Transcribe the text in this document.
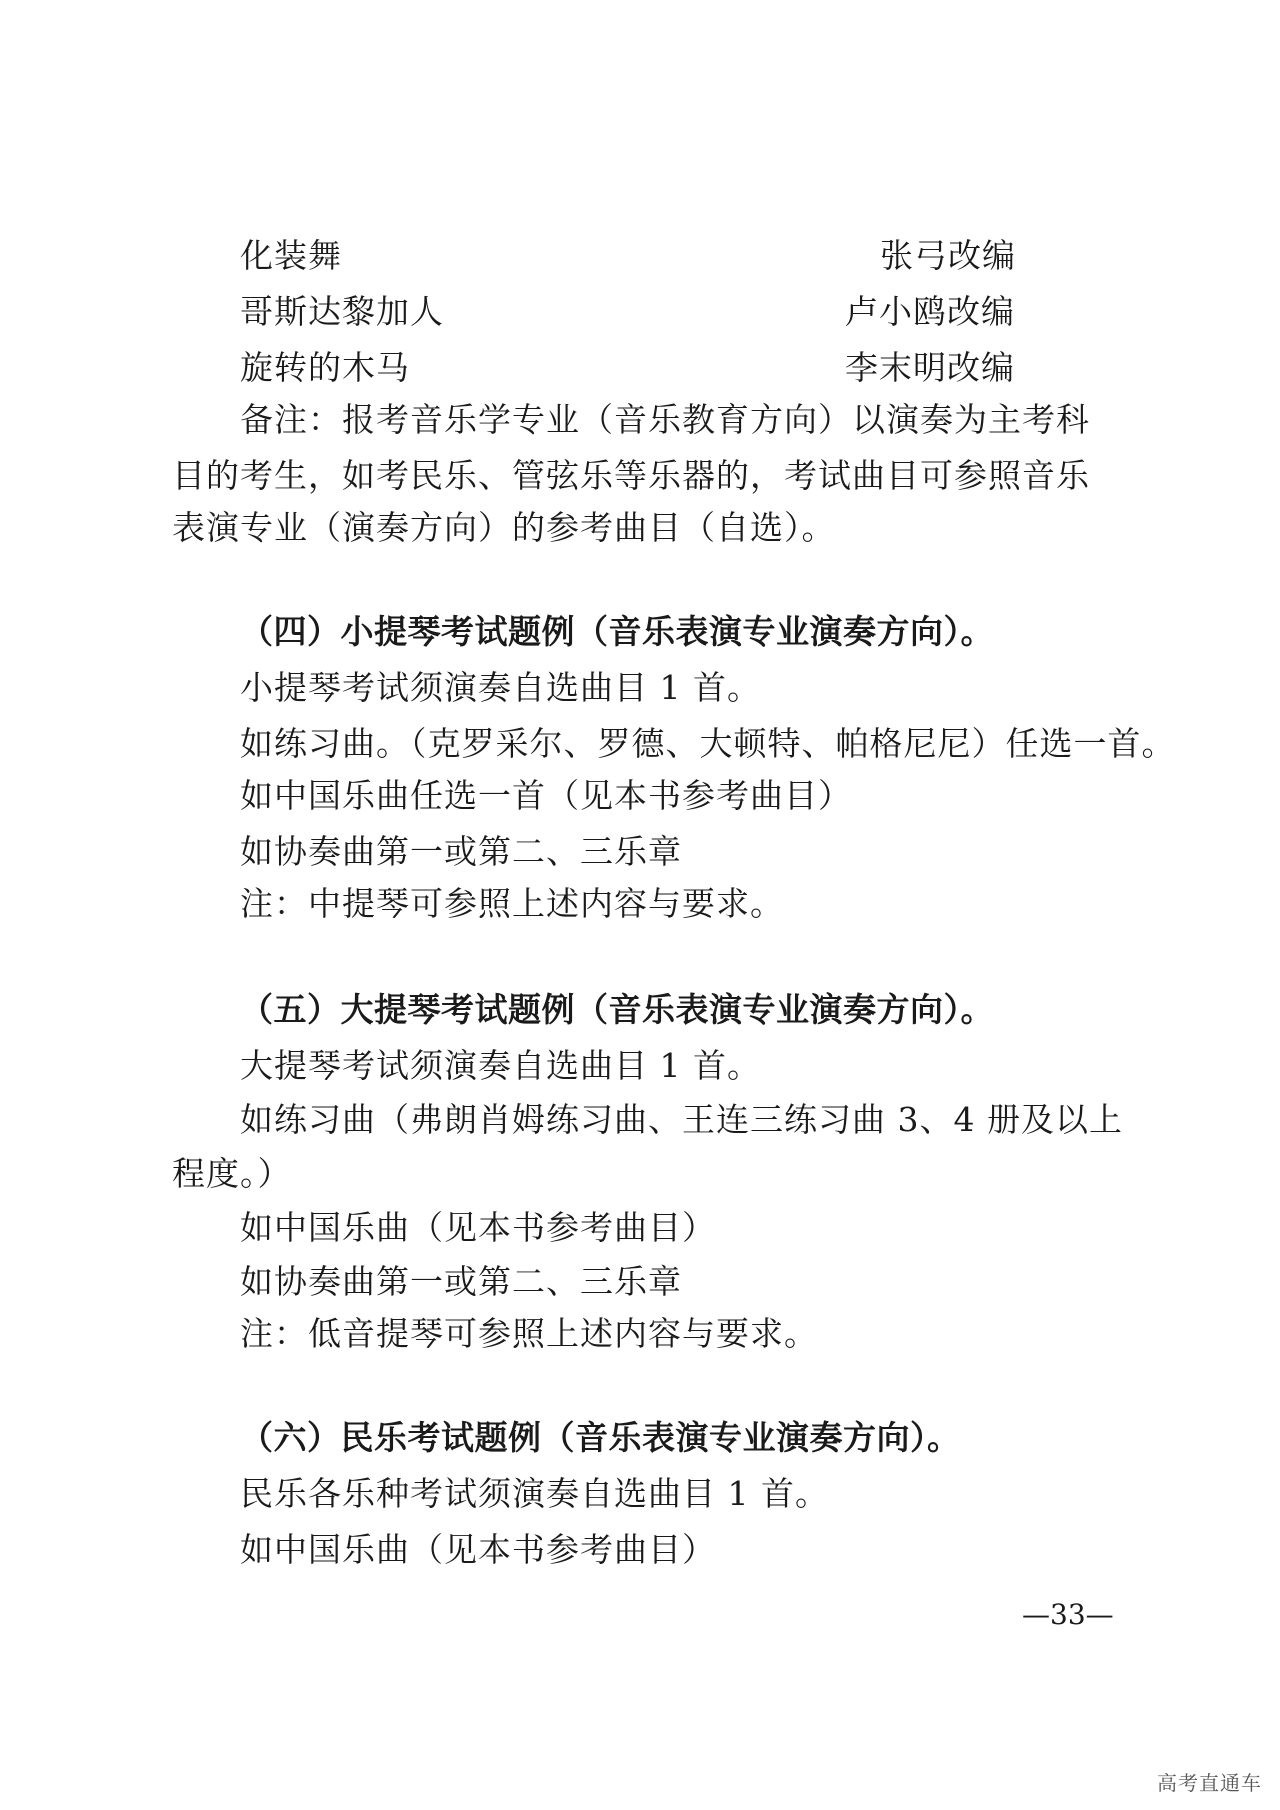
化装舞	张弓改编
哥斯达黎加人	卢小鸥改编
旋转的木马	李末明改编
备注：报考音乐学专业（音乐教育方向）以演奏为主考科
目的考生，如考民乐、管弦乐等乐器的，考试曲目可参照音乐
表演专业（演奏方向）的参考曲目（自选）。
（四）小提琴考试题例（音乐表演专业演奏方向）。
小提琴考试须演奏自选曲目 1 首。
如练习曲。（克罗采尔、罗德、大顿特、帕格尼尼）任选一首。
如中国乐曲任选一首（见本书参考曲目）
如协奏曲第一或第二、三乐章
注：中提琴可参照上述内容与要求。
（五）大提琴考试题例（音乐表演专业演奏方向）。
大提琴考试须演奏自选曲目 1 首。
如练习曲（弗朗肖姆练习曲、王连三练习曲 3、4 册及以上
程度。）
如中国乐曲（见本书参考曲目）
如协奏曲第一或第二、三乐章
注：低音提琴可参照上述内容与要求。
（六）民乐考试题例（音乐表演专业演奏方向）。
民乐各乐种考试须演奏自选曲目 1 首。
如中国乐曲（见本书参考曲目）
—33—
高考直通车
